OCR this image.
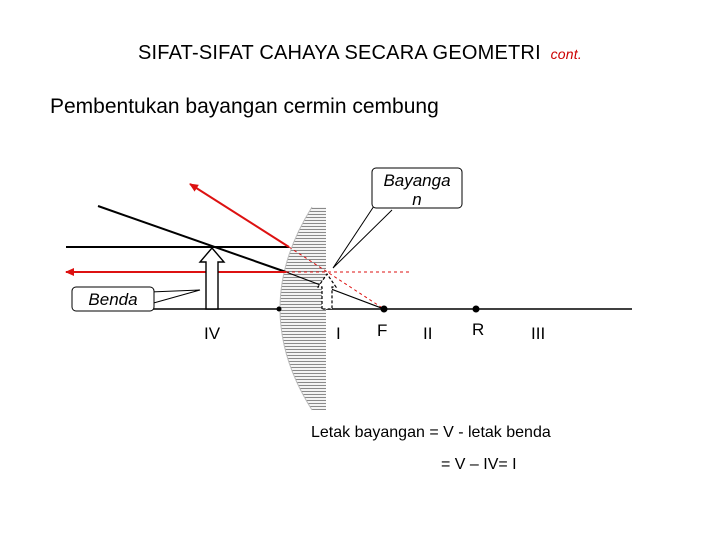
SIFAT-SIFAT CAHAYA SECARA GEOMETRI cont.
Pembentukan bayangan cermin cembung
Bayanga
n
Benda
IV	I F II R	III
Letak bayangan = V - letak benda
= V – IV= I
